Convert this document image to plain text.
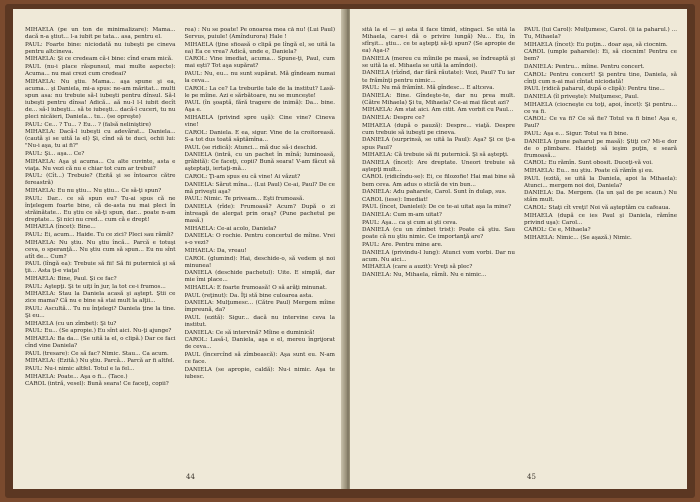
MIHAELA (pe un ton de minimalizare): Mama... dacă n-a ştiut... l-a iubit pe tata... asa, pentru el.

PAUL: Foarte bine: niciodată nu iubeşti pe cineva pentru altcineva.

MIHAELA: Şi ce credeam că-i bine: cînd eram mică.

PAUL (nu-i place răspunsul, mai multe aspecte): Acuma... nu mai crezi cum credeai?

MIHAELA: Nu ştiu. Mama... aşa spune şi ea, acuma... şi Daniela, mi-a spus: ne-am măritat... multi spun asa: nu trebuie să-l iubeşti pentru dînsul. Să-l iubeşti pentru dînsa! Adică... aă nu-l l-l iubit decît de... să-l iubeşti... să te iubeşti... dacă-l cuceri, tu nu pleci nicăieri, Daniela... tu... (se opreşte)

PAUL: Ce... ? Tu... ? Eu... ? (falsă neliniştire)

MIHAELA: Dacă-l iubeşti cu adevărat... Daniela... (caută şi se uită la el) Şi, cînd să te duci, ochii lui: "Nu-i aşa, tu ai fi?"

PAUL: Şi... aşa... Ce?

MIHAELA: Aşa şi acuma... Cu alte cuvinte, asta e viaţa. Nu vezi că nu e chiar tot cum ar trebui?

PAUL: (Cît...) Trebuie? (Ezită şi se întoarce către fereastră)

MIHAELA: Eu nu ştiu... Nu ştiu... Ce să-ţi spun?

PAUL: Dar... ce să spun eu? Tu-ai spus că ne înţelegem foarte bine, că de-asta nu mai pleci în străinătate... Eu ştiu ce să-ţi spun, dar... poate n-am dreptate... Şi nici nu cred... cum că e drept!

MIHAELA (încet): Bine...

PAUL: Ei, acum... Haide. Tu ce zici? Pleci sau rămîi?

MIHAELA: Nu ştiu. Nu ştiu încă... Parcă e totuşi ceva, o speranţă... Nu ştiu cum să spun... Eu nu sînt atît de... Cum?

PAUL (lîngă ea): Trebuie să fii! Să fii puternică şi să ţii... Asta ţi-e viaţa!

MIHAELA: Bine, Paul. Şi ce fac?

PAUL: Aştepţi. Şi te uiţi în jur, la tot ce-i frumos...

MIHAELA: Stau la Daniela acasă şi aştept. Ştii ce zice mama? Că nu e bine să stai mult la alţii...

PAUL: Ascultă... Tu nu înţelegi? Daniela ţine la tine. Şi eu...

MIHAELA (cu un zîmbet): Şi tu?

PAUL: Eu... (Se apropie.) Eu sînt aici. Nu-ţi ajunge?

MIHAELA: Ba da... (Se uită la el, o clipă.) Dar ce faci cînd vine Daniela?

PAUL (tresare): Ce să fac? Nimic. Stau... Ca acum.

MIHAELA: (Ezită.) Nu ştiu. Parcă... Parcă ar fi altfel.

PAUL: Nu-i nimic altfel. Totul e la fel...

MIHAELA: Poate... Aşa o fi... (Tace.)

CAROL (intră, vesel): Bună seara! Ce faceţi, copii?

rea) : Nu se poate! Pe onoarea mea că nu! (Lui Paul) Servus, puiule! (Amîndurora) Hale !

MIHAELA (ţine sfioasă o clipă pe lîngă el, se uită la ea) Ea ce vrea? Adică, unde e, Daniela?

CAROL: Vine imediat, acuma... Spune-ţi, Paul, cum mai eşti? Tot aşa supărat?

PAUL: Nu, eu... nu sunt supărat. Mă gîndeam numai la ceva...

CAROL: La ce? La treburile tale de la institut? Lasă-le pe mîine. Azi e sărbătoare, nu se munceşte!

PAUL (în şoaptă, fără tragere de inimă): Da... bine. Aşa e.

MIHAELA (privind spre uşă): Cine vine? Cineva vine!

CAROL: Daniela. E ea, sigur. Vine de la croitoreasă. S-a tot dus toată săptămîna...

PAUL (se ridică): Atunci... mă duc să-i deschid.

DANIELA (intră, cu un pachet în mînă; luminoasă, grăbită): Ce faceţi, copii? Bună seara! V-am făcut să aşteptaţi, iertaţi-mă...

CAROL: Ţi-am spus eu că vine! Ai văzut?

DANIELA: Sărut mîna... (Lui Paul) Ce-ai, Paul? De ce mă priveşti aşa?

PAUL: Nimic. Te priveam... Eşti frumoasă.

DANIELA (rîde): Frumoasă? Acum? După o zi întreagă de alergat prin oraş? (Pune pachetul pe masă.)

MIHAELA: Ce-ai acolo, Daniela?

DANIELA: O rochie. Pentru concertul de mîine. Vrei s-o vezi?

MIHAELA: Da, vreau!

CAROL (glumind): Hai, deschide-o, să vedem şi noi minunea!

DANIELA (deschide pachetul): Uite. E simplă, dar mie îmi place...

MIHAELA: E foarte frumoasă! O să arăţi minunat.

PAUL (reţinut): Da. Îţi stă bine culoarea asta.

DANIELA: Mulţumesc... (Către Paul) Mergem mîine împreună, da?

PAUL (ezită): Sigur... dacă nu intervine ceva la institut.

DANIELA: Ce să intervină? Mîine e duminică!

CAROL: Lasă-l, Daniela, aşa e el, mereu îngrijorat de ceva...

PAUL (încercînd să zîmbească): Aşa sunt eu. N-am ce face.

DANIELA (se apropie, caldă): Nu-i nimic. Aşa te iubesc.

44

sită la el — şi asta îl face tîmid, stîngaci. Se uită la Mihaela, care-i dă o privire lungă) Nu... Eu, în sfîrşit... ştiu... ce te aştepţi să-ţi spun? (Se apropie de ea) Aşa-i?

DANIELA (mereu cu mîinile pe masă, se îndreaptă şi se uită la el. Mihaela se uită la amîndoi).

DANIELA (rîzînd, dar fără răutate): Vezi, Paul? Tu iar te frămînţi pentru nimic...

PAUL: Nu mă frămînt. Mă gîndesc... E altceva.

DANIELA: Bine. Gîndeşte-te, dar nu prea mult. (Către Mihaela) Şi tu, Mihaela? Ce-ai mai făcut azi?

MIHAELA: Am stat aici. Am citit. Am vorbit cu Paul...

DANIELA: Despre ce?

MIHAELA (după o pauză): Despre... viaţă. Despre cum trebuie să iubeşti pe cineva.

DANIELA (surprinsă, se uită la Paul): Aşa? Şi ce ţi-a spus Paul?

MIHAELA: Că trebuie să fii puternică. Şi să aştepţi.

DANIELA (încet): Are dreptate. Uneori trebuie să aştepţi mult...

CAROL (ridicîndu-se): Ei, ce filozofie! Hai mai bine să bem ceva. Am adus o sticlă de vin bun...

DANIELA: Adu paharele, Carol. Sunt în dulap, sus.

CAROL (iese): Imediat!

PAUL (încet, Danielei): De ce te-ai uitat aşa la mine?

DANIELA: Cum m-am uitat?

PAUL: Aşa... ca şi cum ai şti ceva.

DANIELA (cu un zîmbet trist): Poate că ştiu. Sau poate că nu ştiu nimic. Ce importanţă are?

PAUL: Are. Pentru mine are.

DANIELA (privindu-l lung): Atunci vom vorbi. Dar nu acum. Nu aici...

MIHAELA (care a auzit): Vreţi să plec?

DANIELA: Nu, Mihaela, rămîi. Nu e nimic...

PAUL (lui Carol): Mulţumesc, Carol. (îi ia paharul.) ... Tu, Mihaela?

MIHAELA (încet): Eu puţin... doar aşa, să ciocnim.

CAROL (umple paharele): Ei, să ciocnim! Pentru ce bem?

DANIELA: Pentru... mîine. Pentru concert.

CAROL: Pentru concert! Şi pentru tine, Daniela, să cînţi cum n-ai mai cîntat niciodată!

PAUL (ridică paharul, după o clipă): Pentru tine...

DANIELA (îl priveşte): Mulţumesc, Paul.

MIHAELA (ciocneşte cu toţi, apoi, încet): Şi pentru... ce va fi.

CAROL: Ce va fi? Ce să fie? Totul va fi bine! Aşa e, Paul?

PAUL: Aşa e... Sigur. Totul va fi bine.

DANIELA (pune paharul pe masă): Ştiţi ce? Mi-e dor de o plimbare. Haideţi să ieşim puţin, e seară frumoasă...

CAROL: Eu rămîn. Sunt obosit. Duceţi-vă voi.

MIHAELA: Eu... nu ştiu. Poate că rămîn şi eu.

PAUL (ezită, se uită la Daniela, apoi la Mihaela): Atunci... mergem noi doi, Daniela?

DANIELA: Da. Mergem. (Ia un şal de pe scaun.) Nu stăm mult.

CAROL: Staţi cît vreţi! Noi vă aşteptăm cu cafeaua.

MIHAELA (după ce ies Paul şi Daniela, rămîne privind uşa): Carol...

CAROL: Ce e, Mihaela?

MIHAELA: Nimic... (Se aşază.) Nimic.

45
